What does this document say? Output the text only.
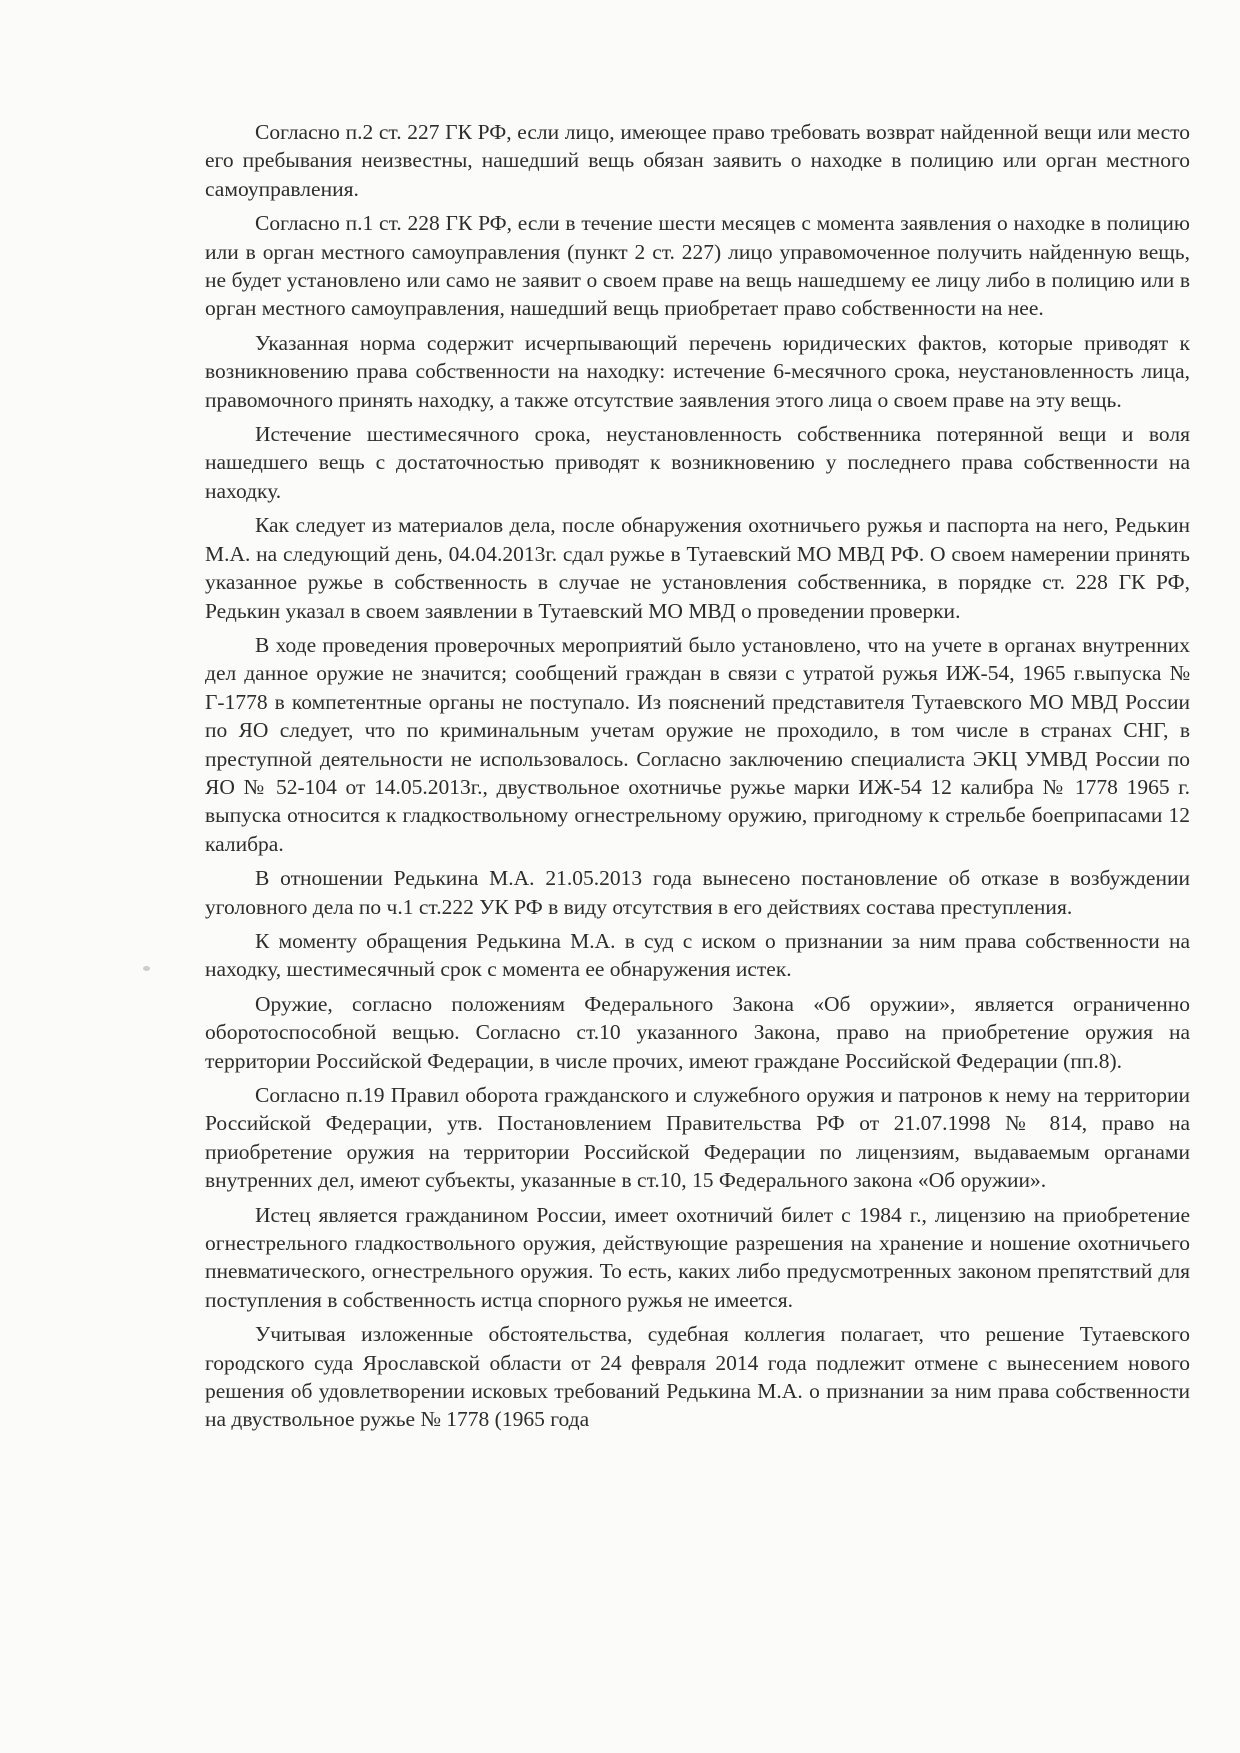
Согласно п.2 ст. 227 ГК РФ, если лицо, имеющее право требовать возврат найденной вещи или место его пребывания неизвестны, нашедший вещь обязан заявить о находке в полицию или орган местного самоуправления.

Согласно п.1 ст. 228 ГК РФ, если в течение шести месяцев с момента заявления о находке в полицию или в орган местного самоуправления (пункт 2 ст. 227) лицо управомоченное получить найденную вещь, не будет установлено или само не заявит о своем праве на вещь нашедшему ее лицу либо в полицию или в орган местного самоуправления, нашедший вещь приобретает право собственности на нее.

Указанная норма содержит исчерпывающий перечень юридических фактов, которые приводят к возникновению права собственности на находку: истечение 6-месячного срока, неустановленность лица, правомочного принять находку, а также отсутствие заявления этого лица о своем праве на эту вещь.

Истечение шестимесячного срока, неустановленность собственника потерянной вещи и воля нашедшего вещь с достаточностью приводят к возникновению у последнего права собственности на находку.

Как следует из материалов дела, после обнаружения охотничьего ружья и паспорта на него, Редькин М.А. на следующий день, 04.04.2013г. сдал ружье в Тутаевский МО МВД РФ. О своем намерении принять указанное ружье в собственность в случае не установления собственника, в порядке ст. 228 ГК РФ, Редькин указал в своем заявлении в Тутаевский МО МВД о проведении проверки.

В ходе проведения проверочных мероприятий было установлено, что на учете в органах внутренних дел данное оружие не значится; сообщений граждан в связи с утратой ружья ИЖ-54, 1965 г.выпуска № Г-1778 в компетентные органы не поступало. Из пояснений представителя Тутаевского МО МВД России по ЯО следует, что по криминальным учетам оружие не проходило, в том числе в странах СНГ, в преступной деятельности не использовалось. Согласно заключению специалиста ЭКЦ УМВД России по ЯО № 52-104 от 14.05.2013г., двуствольное охотничье ружье марки ИЖ-54 12 калибра № 1778 1965 г. выпуска относится к гладкоствольному огнестрельному оружию, пригодному к стрельбе боеприпасами 12 калибра.

В отношении Редькина М.А. 21.05.2013 года вынесено постановление об отказе в возбуждении уголовного дела по ч.1 ст.222 УК РФ в виду отсутствия в его действиях состава преступления.

К моменту обращения Редькина М.А. в суд с иском о признании за ним права собственности на находку, шестимесячный срок с момента ее обнаружения истек.

Оружие, согласно положениям Федерального Закона «Об оружии», является ограниченно оборотоспособной вещью. Согласно ст.10 указанного Закона, право на приобретение оружия на территории Российской Федерации, в числе прочих, имеют граждане Российской Федерации (пп.8).

Согласно п.19 Правил оборота гражданского и служебного оружия и патронов к нему на территории Российской Федерации, утв. Постановлением Правительства РФ от 21.07.1998 № 814, право на приобретение оружия на территории Российской Федерации по лицензиям, выдаваемым органами внутренних дел, имеют субъекты, указанные в ст.10, 15 Федерального закона «Об оружии».

Истец является гражданином России, имеет охотничий билет с 1984 г., лицензию на приобретение огнестрельного гладкоствольного оружия, действующие разрешения на хранение и ношение охотничьего пневматического, огнестрельного оружия. То есть, каких либо предусмотренных законом препятствий для поступления в собственность истца спорного ружья не имеется.

Учитывая изложенные обстоятельства, судебная коллегия полагает, что решение Тутаевского городского суда Ярославской области от 24 февраля 2014 года подлежит отмене с вынесением нового решения об удовлетворении исковых требований Редькина М.А. о признании за ним права собственности на двуствольное ружье № 1778 (1965 года
